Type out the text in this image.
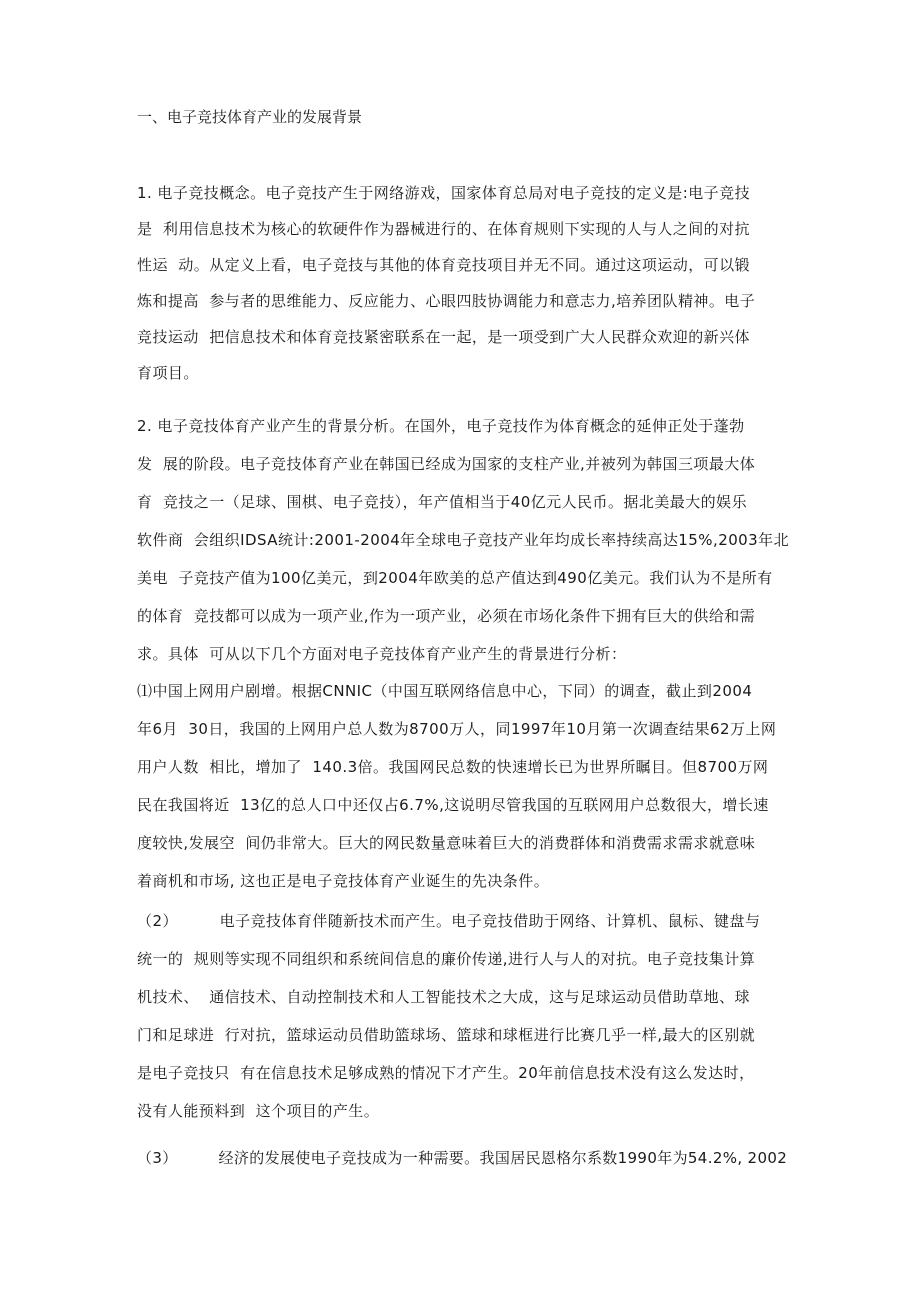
一、电子竞技体育产业的发展背景
1. 电子竞技概念。电子竞技产生于网络游戏，国家体育总局对电子竞技的定义是:电子竞技
是  利用信息技术为核心的软硬件作为器械进行的、在体育规则下实现的人与人之间的对抗
性运  动。从定义上看，电子竞技与其他的体育竞技项目并无不同。通过这项运动，可以锻
炼和提高  参与者的思维能力、反应能力、心眼四肢协调能力和意志力,培养团队精神。电子
竞技运动  把信息技术和体育竞技紧密联系在一起，是一项受到广大人民群众欢迎的新兴体
育项目。
2. 电子竞技体育产业产生的背景分析。在国外，电子竞技作为体育概念的延伸正处于蓬勃
发  展的阶段。电子竞技体育产业在韩国已经成为国家的支柱产业,并被列为韩国三项最大体
育  竞技之一（足球、围棋、电子竞技），年产值相当于40亿元人民币。据北美最大的娱乐
软件商  会组织IDSA统计:2001-2004年全球电子竞技产业年均成长率持续高达15%,2003年北
美电  子竞技产值为100亿美元，到2004年欧美的总产值达到490亿美元。我们认为不是所有
的体育  竞技都可以成为一项产业,作为一项产业，必须在市场化条件下拥有巨大的供给和需
求。具体  可从以下几个方面对电子竞技体育产业产生的背景进行分析：
⑴中国上网用户剧增。根据CNNIC（中国互联网络信息中心，下同）的调查，截止到2004
年6月  30日，我国的上网用户总人数为8700万人，同1997年10月第一次调查结果62万上网
用户人数  相比，增加了  140.3倍。我国网民总数的快速增长已为世界所瞩目。但8700万网
民在我国将近  13亿的总人口中还仅占6.7%,这说明尽管我国的互联网用户总数很大，增长速
度较快,发展空  间仍非常大。巨大的网民数量意味着巨大的消费群体和消费需求需求就意味
着商机和市场, 这也正是电子竞技体育产业诞生的先决条件。
（2）        电子竞技体育伴随新技术而产生。电子竞技借助于网络、计算机、鼠标、键盘与
统一的  规则等实现不同组织和系统间信息的廉价传递,进行人与人的对抗。电子竞技集计算
机技术、  通信技术、自动控制技术和人工智能技术之大成，这与足球运动员借助草地、球
门和足球进  行对抗，篮球运动员借助篮球场、篮球和球框进行比赛几乎一样,最大的区别就
是电子竞技只  有在信息技术足够成熟的情况下才产生。20年前信息技术没有这么发达时，
没有人能预料到  这个项目的产生。
（3）        经济的发展使电子竞技成为一种需要。我国居民恩格尔系数1990年为54.2%, 2002
